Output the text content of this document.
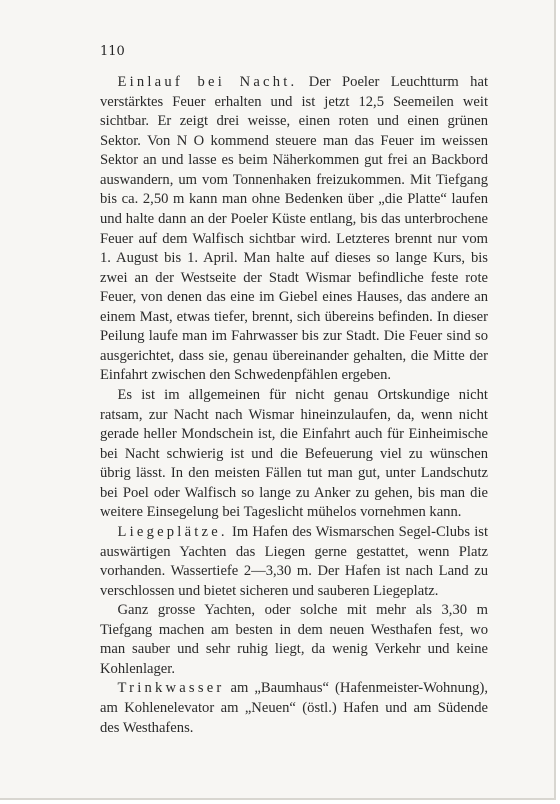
110

Einlauf bei Nacht. Der Poeler Leuchtturm hat verstärktes Feuer erhalten und ist jetzt 12,5 Seemeilen weit sichtbar. Er zeigt drei weisse, einen roten und einen grünen Sektor. Von N O kommend steuere man das Feuer im weissen Sektor an und lasse es beim Näherkommen gut frei an Backbord auswandern, um vom Tonnenhaken freizukommen. Mit Tiefgang bis ca. 2,50 m kann man ohne Bedenken über „die Platte“ laufen und halte dann an der Poeler Küste entlang, bis das unterbrochene Feuer auf dem Walfisch sichtbar wird. Letzteres brennt nur vom 1. August bis 1. April. Man halte auf dieses so lange Kurs, bis zwei an der Westseite der Stadt Wismar befindliche feste rote Feuer, von denen das eine im Giebel eines Hauses, das andere an einem Mast, etwas tiefer, brennt, sich übereins befinden. In dieser Peilung laufe man im Fahrwasser bis zur Stadt. Die Feuer sind so ausgerichtet, dass sie, genau übereinander gehalten, die Mitte der Einfahrt zwischen den Schwedenpfählen ergeben.

Es ist im allgemeinen für nicht genau Ortskundige nicht ratsam, zur Nacht nach Wismar hineinzulaufen, da, wenn nicht gerade heller Mondschein ist, die Einfahrt auch für Einheimische bei Nacht schwierig ist und die Befeuerung viel zu wünschen übrig lässt. In den meisten Fällen tut man gut, unter Landschutz bei Poel oder Walfisch so lange zu Anker zu gehen, bis man die weitere Einsegelung bei Tageslicht mühelos vornehmen kann.

Liegeplätze. Im Hafen des Wismarschen Segel-Clubs ist auswärtigen Yachten das Liegen gerne gestattet, wenn Platz vorhanden. Wassertiefe 2—3,30 m. Der Hafen ist nach Land zu verschlossen und bietet sicheren und sauberen Liegeplatz.

Ganz grosse Yachten, oder solche mit mehr als 3,30 m Tiefgang machen am besten in dem neuen Westhafen fest, wo man sauber und sehr ruhig liegt, da wenig Verkehr und keine Kohlenlager.

Trinkwasser am „Baumhaus“ (Hafenmeister-Wohnung), am Kohlenelevator am „Neuen“ (östl.) Hafen und am Südende des Westhafens.
